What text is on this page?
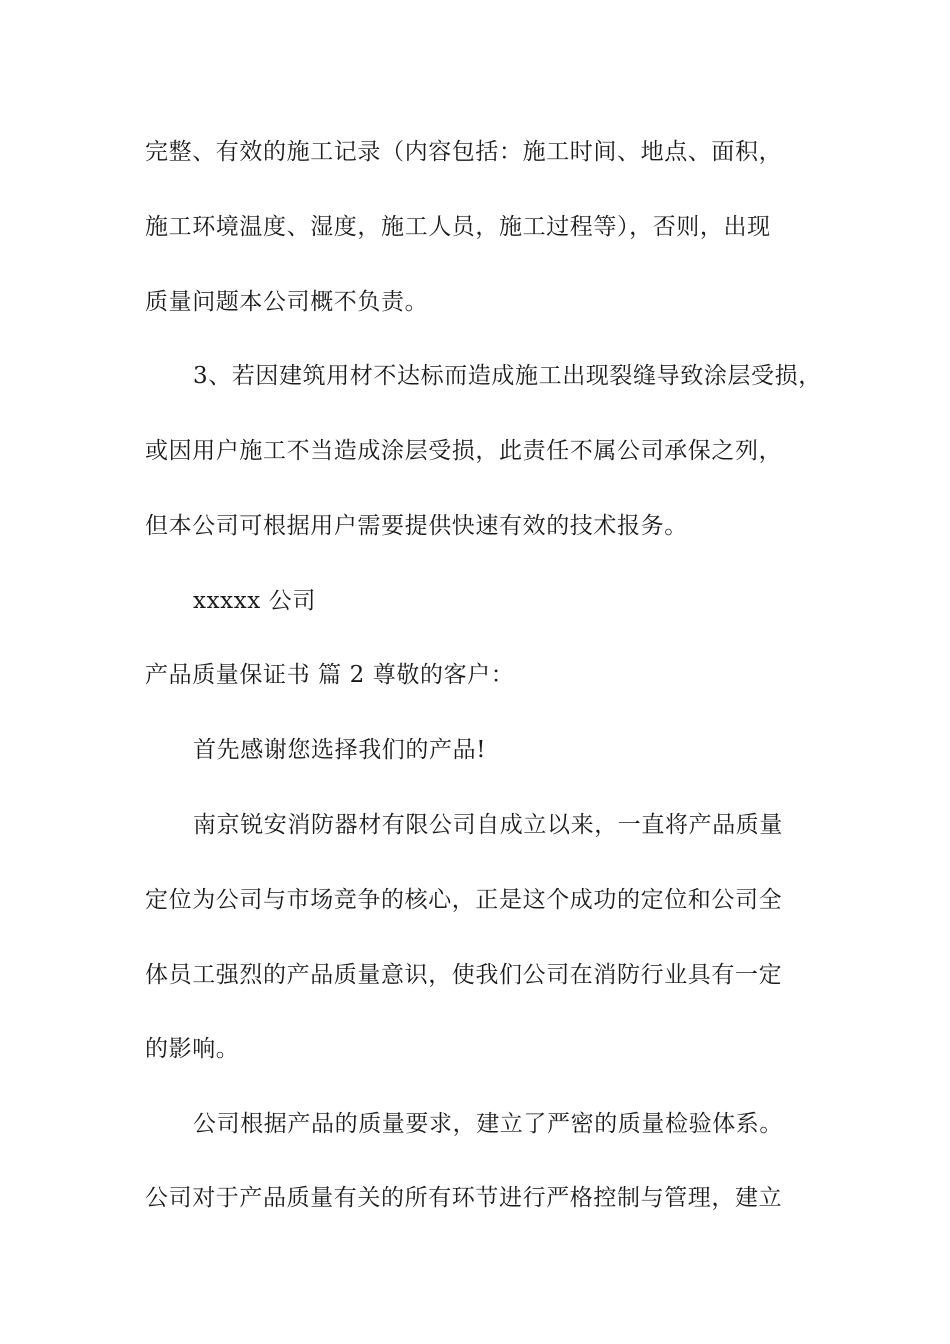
完整、有效的施工记录（内容包括：施工时间、地点、面积，
施工环境温度、湿度，施工人员，施工过程等），否则，出现
质量问题本公司概不负责。
3、若因建筑用材不达标而造成施工出现裂缝导致涂层受损，
或因用户施工不当造成涂层受损，此责任不属公司承保之列，
但本公司可根据用户需要提供快速有效的技术报务。
xxxxx 公司
产品质量保证书 篇 2 尊敬的客户：
首先感谢您选择我们的产品!
南京锐安消防器材有限公司自成立以来，一直将产品质量
定位为公司与市场竞争的核心，正是这个成功的定位和公司全
体员工强烈的产品质量意识，使我们公司在消防行业具有一定
的影响。
公司根据产品的质量要求，建立了严密的质量检验体系。
公司对于产品质量有关的所有环节进行严格控制与管理，建立
